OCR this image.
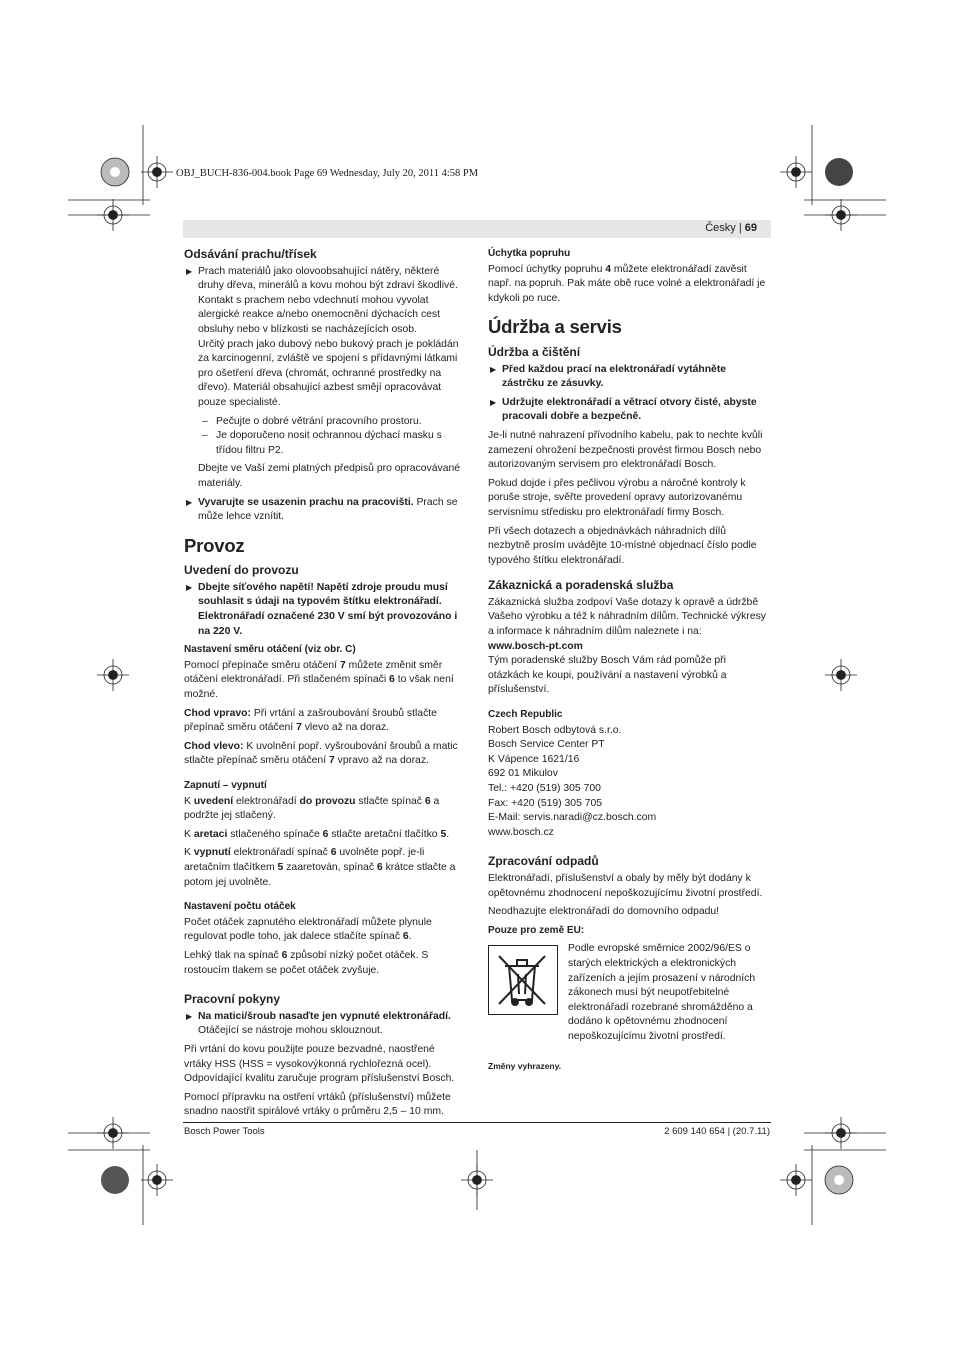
OBJ_BUCH-836-004.book Page 69 Wednesday, July 20, 2011 4:58 PM
Česky | 69
Odsávání prachu/třísek
▶ Prach materiálů jako olovoobsahující nátěry, některé druhy dřeva, minerálů a kovu mohou být zdraví škodlivé. Kontakt s prachem nebo vdechnutí mohou vyvolat alergické reakce a/nebo onemocnění dýchacích cest obsluhy nebo v blízkosti se nacházejících osob.
Určitý prach jako dubový nebo bukový prach je pokládán za karcinogenní, zvláště ve spojení s přídavnými látkami pro ošetření dřeva (chromát, ochranné prostředky na dřevo). Materiál obsahující azbest smějí opracovávat pouze specialisté.
– Pečujte o dobré větrání pracovního prostoru.
– Je doporučeno nosit ochrannou dýchací masku s třídou filtru P2.

Dbejte ve Vaší zemi platných předpisů pro opracovávané materiály.

▶ Vyvarujte se usazenin prachu na pracovišti. Prach se může lehce vznítit.
Provoz
Uvedení do provozu
▶ Dbejte síťového napětí! Napětí zdroje proudu musí souhlasit s údaji na typovém štítku elektronářadí. Elektronářadí označené 230 V smí být provozováno i na 220 V.
Nastavení směru otáčení (viz obr. C)

Pomocí přepínače směru otáčení 7 můžete změnit směr otáčení elektronářadí. Při stlačeném spínači 6 to však není možné.

Chod vpravo: Při vrtání a zašroubování šroubů stlačte přepínač směru otáčení 7 vlevo až na doraz.

Chod vlevo: K uvolnění popř. vyšroubování šroubů a matic stlačte přepínač směru otáčení 7 vpravo až na doraz.

Zapnutí – vypnutí

K uvedení elektronářadí do provozu stlačte spínač 6 a podržte jej stlačený.

K aretaci stlačeného spínače 6 stlačte aretační tlačítko 5.

K vypnutí elektronářadí spínač 6 uvolněte popř. je-li aretačním tlačítkem 5 zaaretován, spínač 6 krátce stlačte a potom jej uvolněte.

Nastavení počtu otáček

Počet otáček zapnutého elektronářadí můžete plynule regulovat podle toho, jak dalece stlačíte spínač 6.

Lehký tlak na spínač 6 způsobí nízký počet otáček. S rostoucím tlakem se počet otáček zvyšuje.

Pracovní pokyny
▶ Na matici/šroub nasaďte jen vypnuté elektronářadí. Otáčející se nástroje mohou sklouznout.

Při vrtání do kovu použijte pouze bezvadné, naostřené vrtáky HSS (HSS = vysokovýkonná rychlořezná ocel). Odpovídající kvalitu zaručuje program příslušenství Bosch.

Pomocí přípravku na ostření vrtáků (příslušenství) můžete snadno naostřit spirálové vrtáky o průměru 2,5 – 10 mm.

Úchytka popruhu

Pomocí úchytky popruhu 4 můžete elektronářadí zavěsit např. na popruh. Pak máte obě ruce volné a elektronářadí je kdykoli po ruce.

Údržba a servis
Údržba a čištění
▶ Před každou prací na elektronářadí vytáhněte zástrčku ze zásuvky.
▶ Udržujte elektronářadí a větrací otvory čisté, abyste pracovali dobře a bezpečně.

Je-li nutné nahrazení přívodního kabelu, pak to nechte kvůli zamezení ohrožení bezpečnosti provést firmou Bosch nebo autorizovaným servisem pro elektronářadí Bosch.

Pokud dojde i přes pečlivou výrobu a náročné kontroly k poruše stroje, svěřte provedení opravy autorizovanému servisnímu středisku pro elektronářadí firmy Bosch.

Při všech dotazech a objednávkách náhradních dílů nezbytně prosím uvádějte 10-místné objednací číslo podle typového štítku elektronářadí.

Zákaznická a poradenská služba

Zákaznická služba zodpoví Vaše dotazy k opravě a údržbě Vašeho výrobku a též k náhradním dílům. Technické výkresy a informace k náhradním dílům naleznete i na:
www.bosch-pt.com

Tým poradenské služby Bosch Vám rád pomůže při otázkách ke koupi, používání a nastavení výrobků a příslušenství.

Czech Republic
Robert Bosch odbytová s.r.o.
Bosch Service Center PT
K Vápence 1621/16
692 01 Mikulov
Tel.: +420 (519) 305 700
Fax: +420 (519) 305 705
E-Mail: servis.naradi@cz.bosch.com
www.bosch.cz
Zpracování odpadů

Elektronářadí, příslušenství a obaly by měly být dodány k opětovnému zhodnocení nepoškozujícímu životní prostředí.

Neodhazujte elektronářadí do domovního odpadu!

Pouze pro země EU:
Podle evropské směrnice 2002/96/ES o starých elektrických a elektronických zařízeních a jejím prosazení v národních zákonech musí být neupotřebitelné elektronářadí rozebrané shromážděno a dodáno k opětovnému zhodnocení nepoškozujícímu životní prostředí.
Změny vyhrazeny.
Bosch Power Tools	2 609 140 654 | (20.7.11)
